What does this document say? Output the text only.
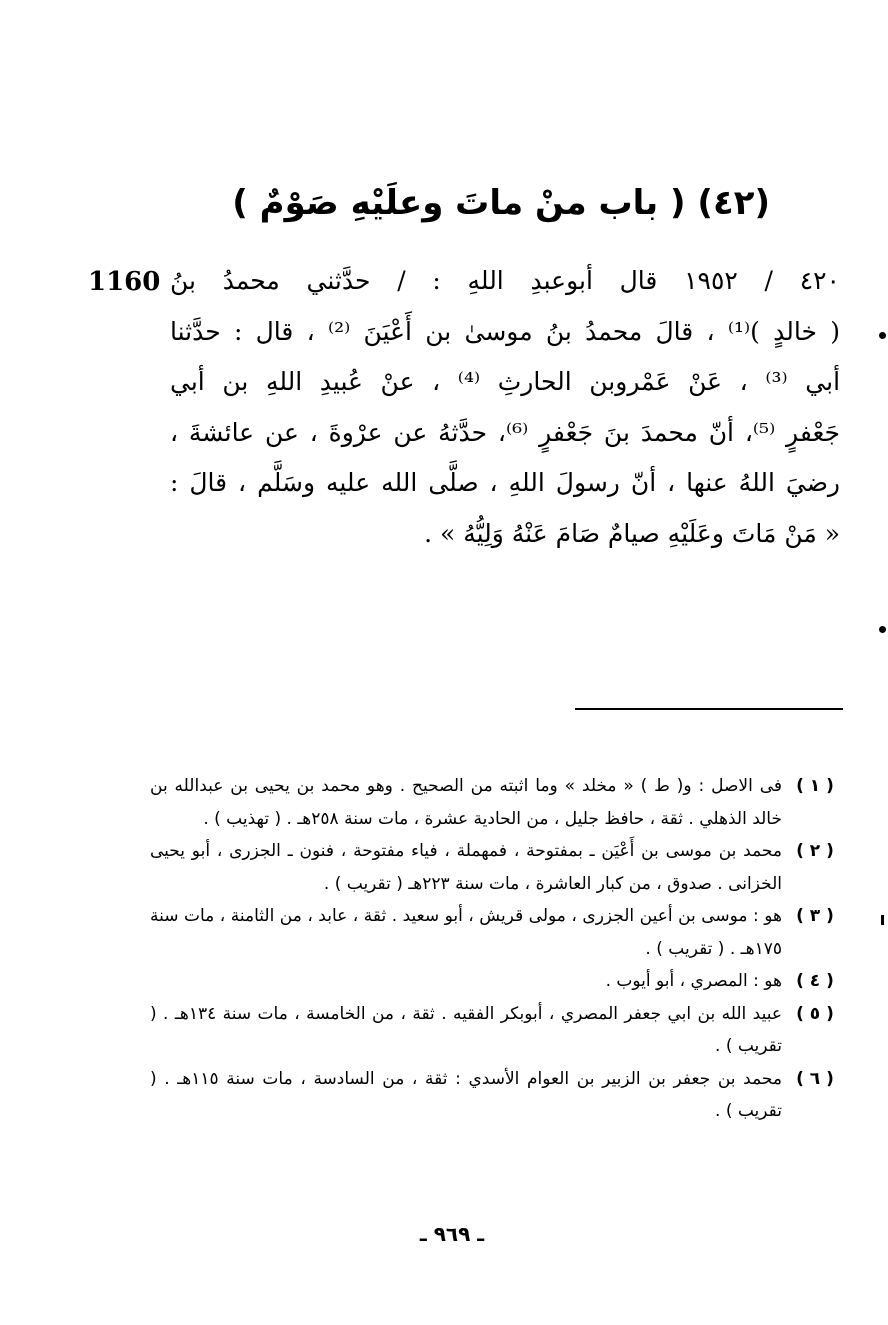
(٤٢) ( باب منْ ماتَ وعلَيْهِ صَوْمٌ )
1160 ٤٢٠ / ١٩٥٢ قال أبوعبدِ اللهِ : / حدَّثني محمدُ بنُ
( خالدٍ )⁽¹⁾ ، قالَ محمدُ بنُ موسىٰ بن أَعْيَنَ ⁽²⁾ ، قال : حدَّثنا
أبي ⁽³⁾ ، عَنْ عَمْروبن الحارثِ ⁽⁴⁾ ، عنْ عُبيدِ اللهِ بن أبي
جَعْفرٍ ⁽⁵⁾، أنّ محمدَ بنَ جَعْفرٍ ⁽⁶⁾، حدَّثهُ عن عرْوةَ ، عن عائشةَ ،
رضيَ اللهُ عنها ، أنّ رسولَ اللهِ ، صلَّى الله عليه وسَلَّم ، قالَ :
« مَنْ مَاتَ وعَلَيْهِ صيامٌ صَامَ عَنْهُ وَلِيُّهُ » .
( ١ )
فى الاصل : و( ط ) « مخلد » وما اثبته من الصحيح . وهو محمد بن يحيى بن عبدالله بن خالد الذهلي . ثقة ، حافظ جليل ، من الحادية عشرة ، مات سنة ٢٥٨هـ . ( تهذيب ) .
( ٢ )
محمد بن موسى بن أَعْيَن ـ بمفتوحة ، فمهملة ، فياء مفتوحة ، فنون ـ الجزرى ، أبو يحيى الخزانى . صدوق ، من كبار العاشرة ، مات سنة ٢٢٣هـ ( تقريب ) .
( ٣ )
هو : موسى بن أعين الجزرى ، مولى قريش ، أبو سعيد . ثقة ، عابد ، من الثامنة ، مات سنة ١٧٥هـ . ( تقريب ) .
( ٤ )
هو : المصري ، أبو أيوب .
( ٥ )
عبيد الله بن ابي جعفر المصري ، أبوبكر الفقيه . ثقة ، من الخامسة ، مات سنة ١٣٤هـ . ( تقريب ) .
( ٦ )
محمد بن جعفر بن الزبير بن العوام الأسدي : ثقة ، من السادسة ، مات سنة ١١٥هـ . ( تقريب ) .
ـ ٩٦٩ ـ
